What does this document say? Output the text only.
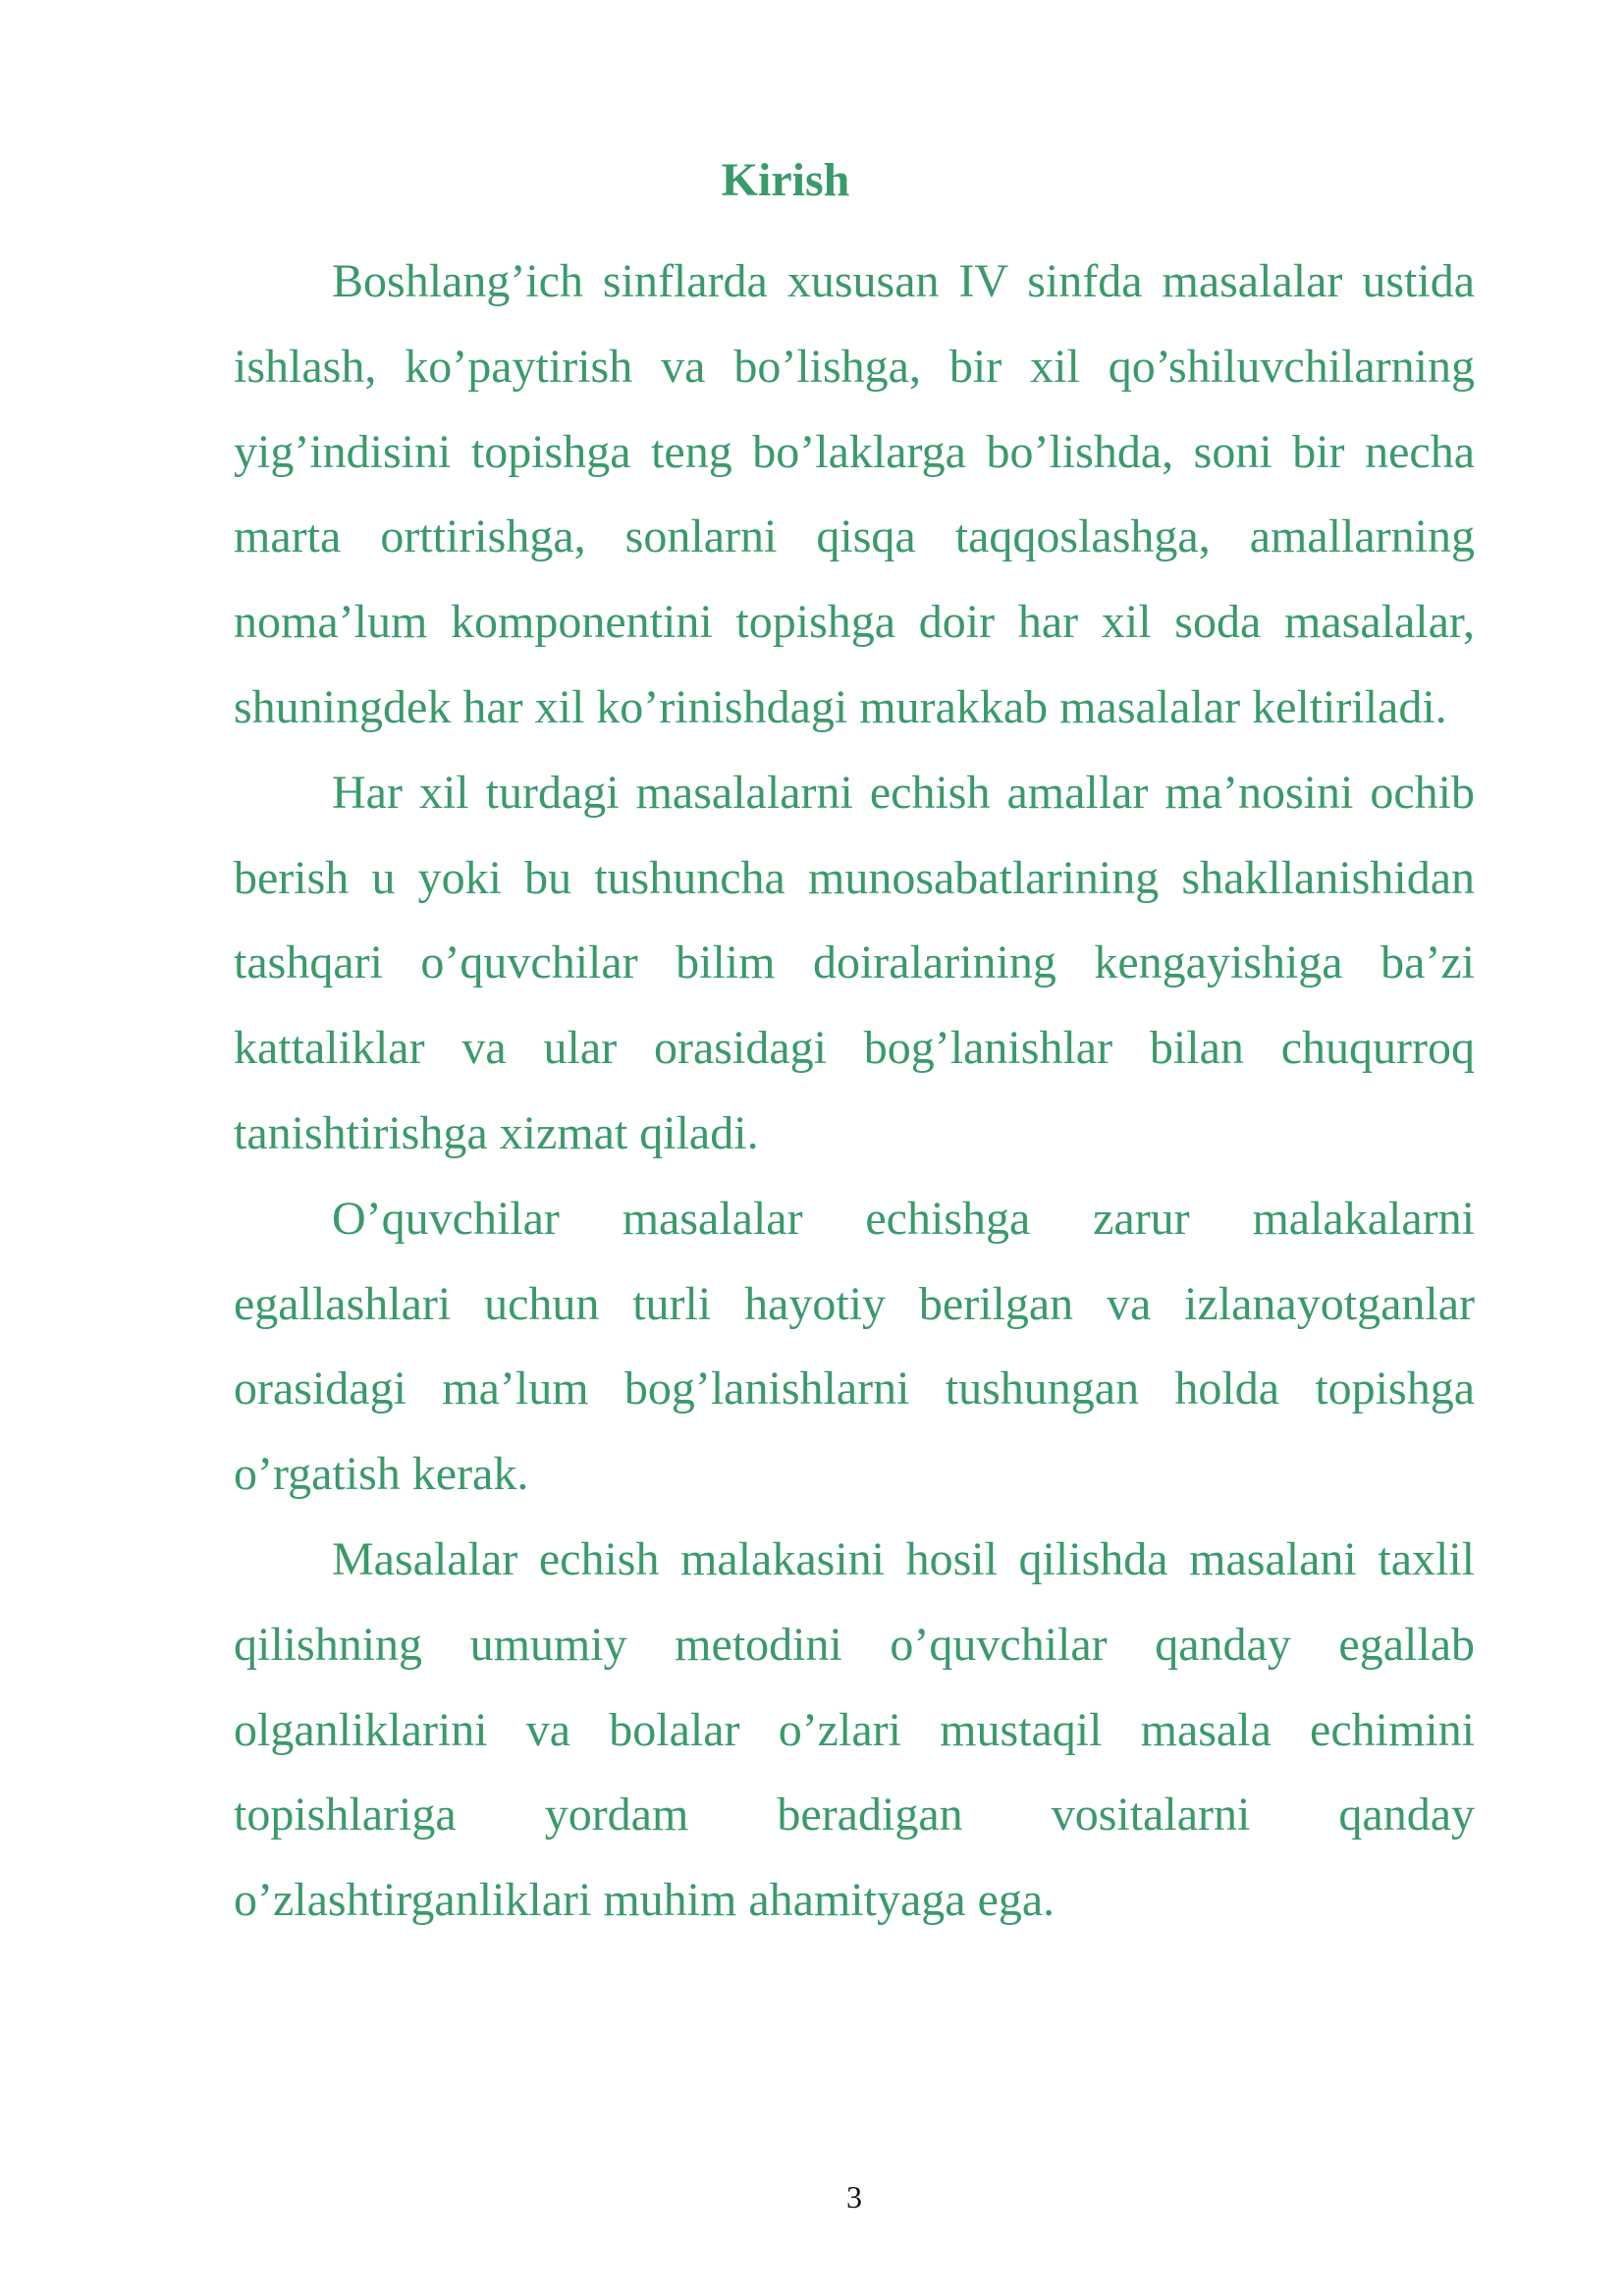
Kirish

Boshlang’ich sinflarda xususan IV sinfda masalalar ustida ishlash, ko’paytirish va bo’lishga, bir xil qo’shiluvchilarning yig’indisini topishga teng bo’laklarga bo’lishda, soni bir necha marta orttirishga, sonlarni qisqa taqqoslashga, amallarning noma’lum komponentini topishga doir har xil soda masalalar, shuningdek har xil ko’rinishdagi murakkab masalalar keltiriladi.

Har xil turdagi masalalarni echish amallar ma’nosini ochib berish u yoki bu tushuncha munosabatlarining shakllanishidan tashqari o’quvchilar bilim doiralarining kengayishiga ba’zi kattaliklar va ular orasidagi bog’lanishlar bilan chuqurroq tanishtirishga xizmat qiladi.

O’quvchilar masalalar echishga zarur malakalarni egallashlari uchun turli hayotiy berilgan va izlanayotganlar orasidagi ma’lum bog’lanishlarni tushungan holda topishga o’rgatish kerak.

Masalalar echish malakasini hosil qilishda masalani taxlil qilishning umumiy metodini o’quvchilar qanday egallab olganliklarini va bolalar o’zlari mustaqil masala echimini topishlariga yordam beradigan vositalarni qanday o’zlashtirganliklari muhim ahamityaga ega.

3
